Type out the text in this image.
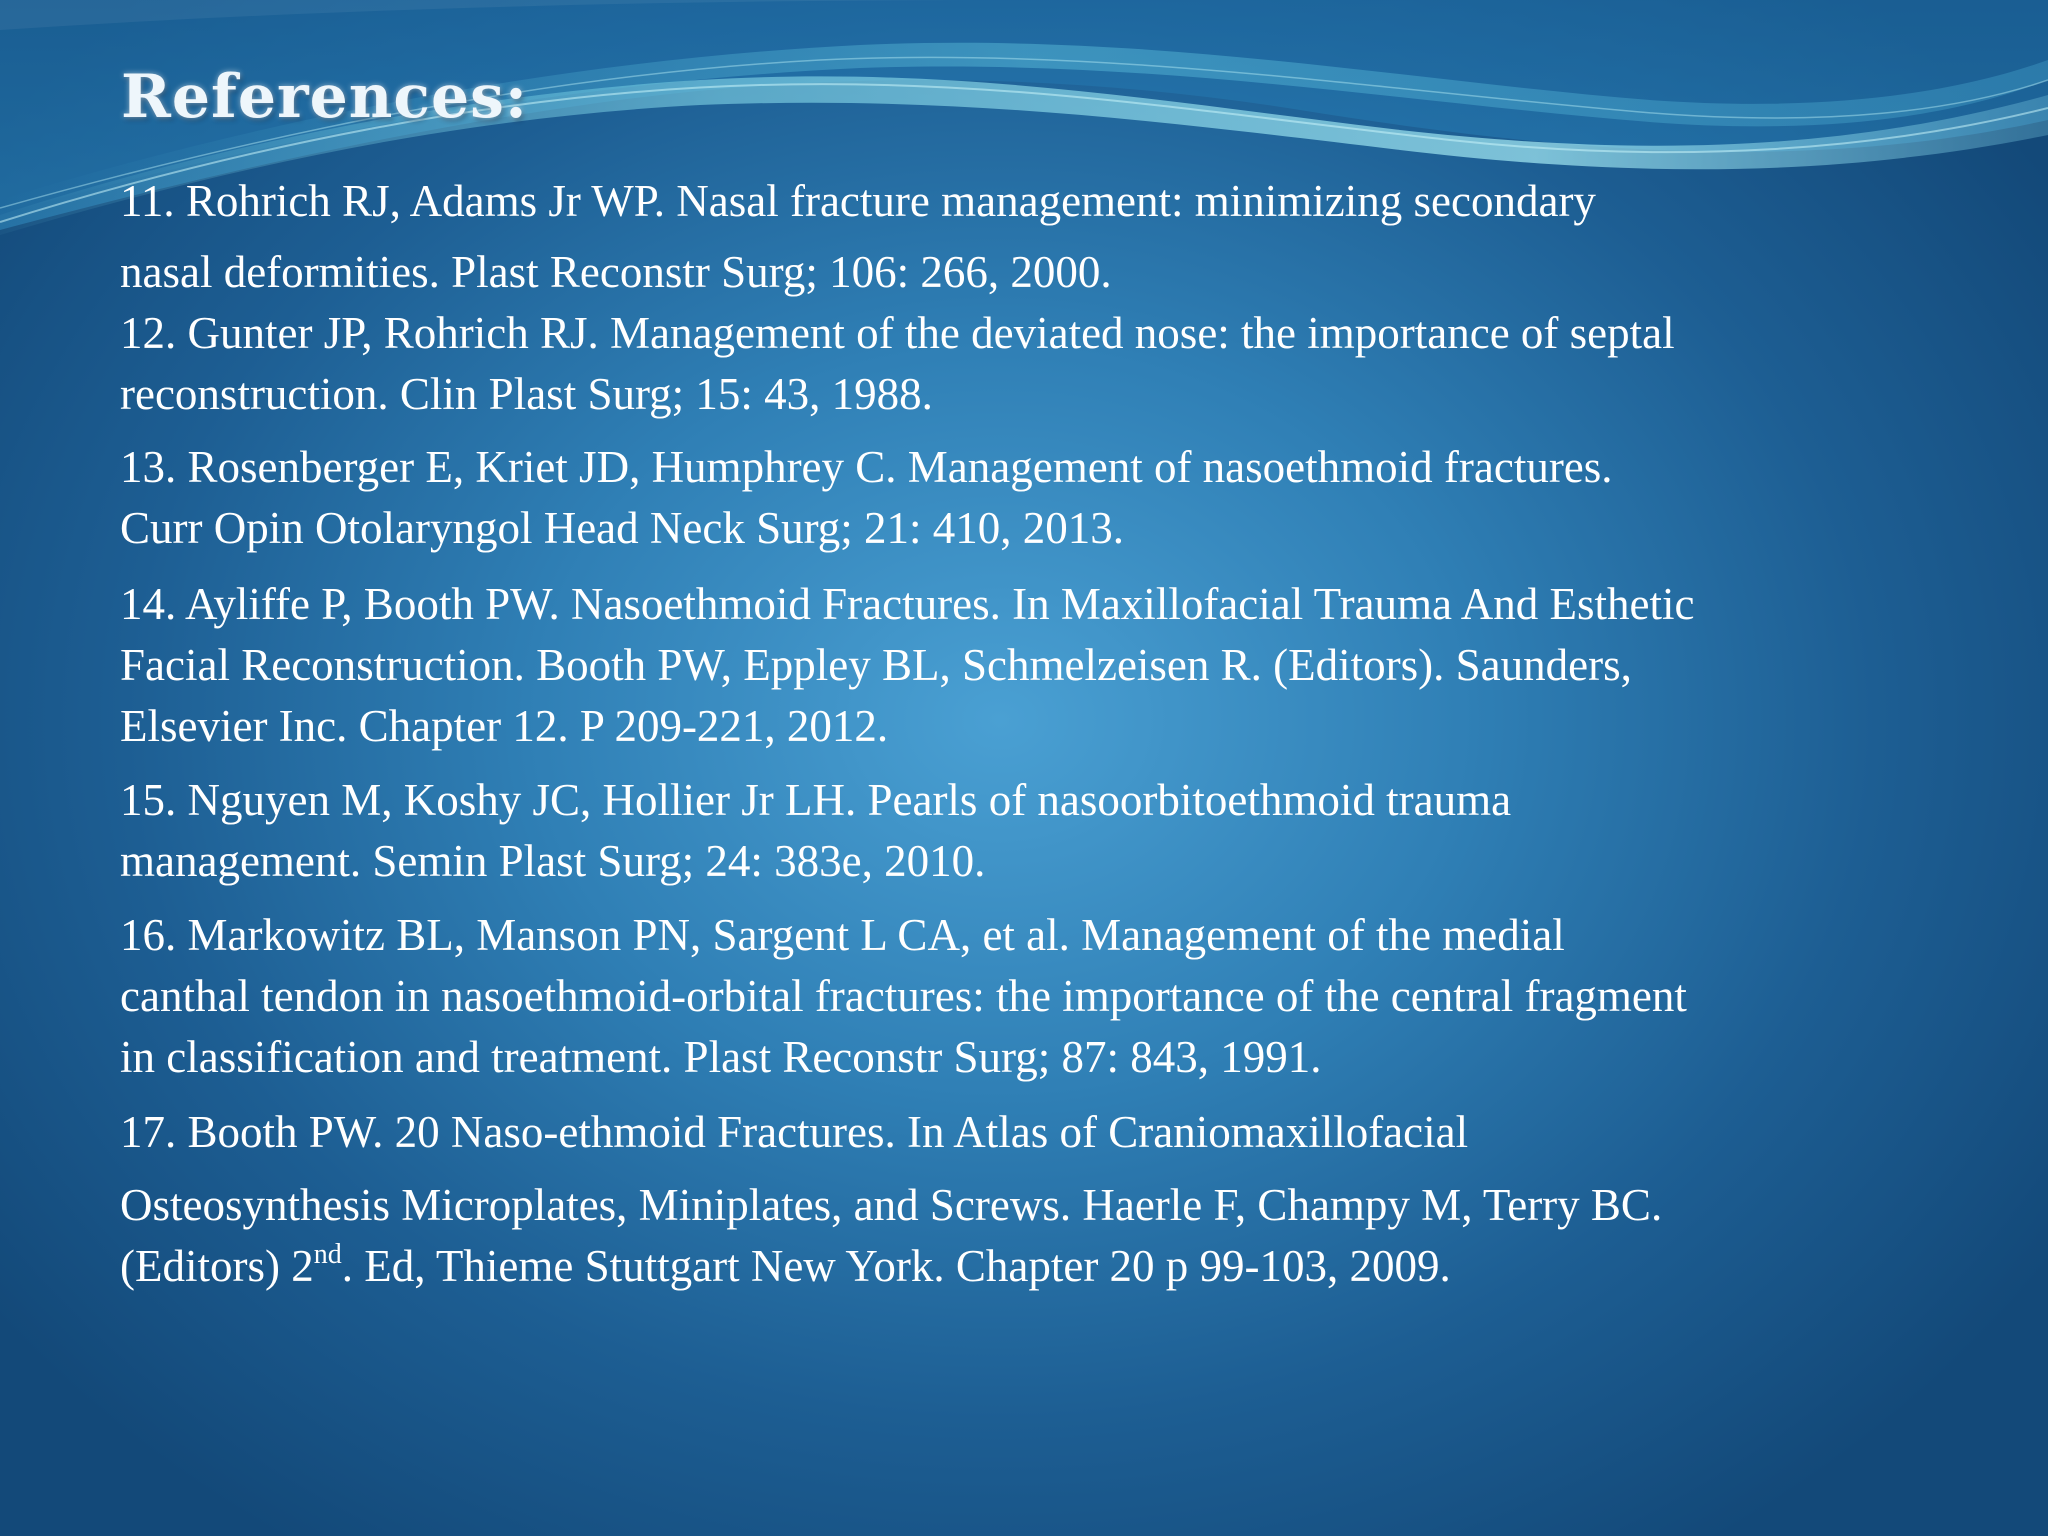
References:

11. Rohrich RJ, Adams Jr WP. Nasal fracture management: minimizing secondary

nasal deformities. Plast Reconstr Surg; 106: 266, 2000.

12. Gunter JP, Rohrich RJ. Management of the deviated nose: the importance of septal

reconstruction. Clin Plast Surg; 15: 43, 1988.

13. Rosenberger E, Kriet JD, Humphrey C. Management of nasoethmoid fractures.

Curr Opin Otolaryngol Head Neck Surg; 21: 410, 2013.

14. Ayliffe P, Booth PW. Nasoethmoid Fractures. In Maxillofacial Trauma And Esthetic

Facial Reconstruction. Booth PW, Eppley BL, Schmelzeisen R. (Editors). Saunders,

Elsevier Inc. Chapter 12. P 209-221, 2012.

15. Nguyen M, Koshy JC, Hollier Jr LH. Pearls of nasoorbitoethmoid trauma

management. Semin Plast Surg; 24: 383e, 2010.

16. Markowitz BL, Manson PN, Sargent L CA, et al. Management of the medial

canthal tendon in nasoethmoid-orbital fractures: the importance of the central fragment

in classification and treatment. Plast Reconstr Surg; 87: 843, 1991.

17. Booth PW. 20 Naso-ethmoid Fractures. In Atlas of Craniomaxillofacial

Osteosynthesis Microplates, Miniplates, and Screws. Haerle F, Champy M, Terry BC.

(Editors) 2nd. Ed, Thieme Stuttgart New York. Chapter 20 p 99-103, 2009.
